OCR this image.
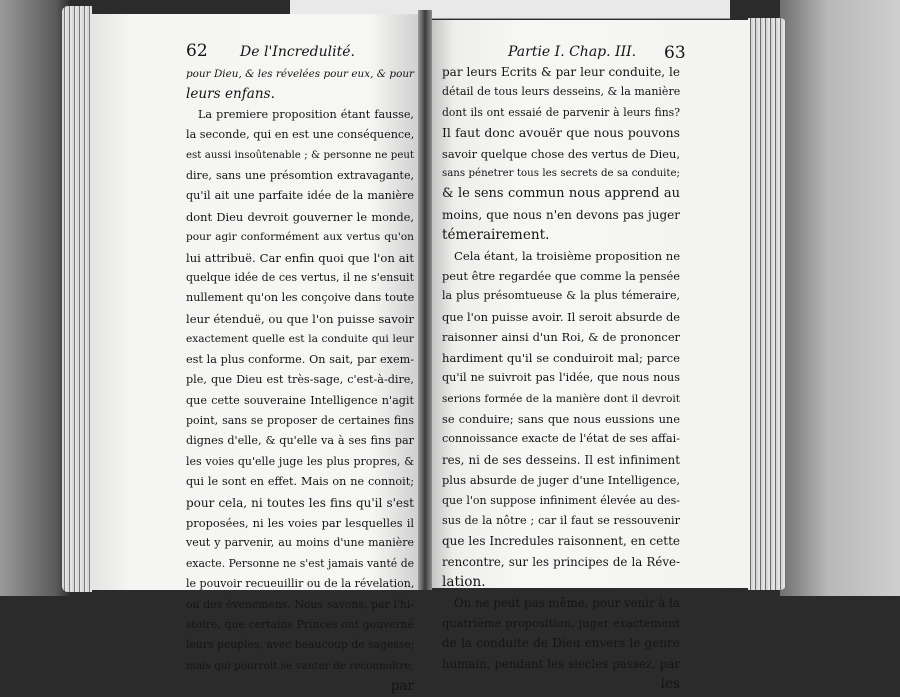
62 De l'Incredulité.
pour Dieu, & les révelées pour eux, & pour
leurs enfans.
La premiere proposition étant fausse,
la seconde, qui en est une conséquence,
est aussi insoûtenable ; & personne ne peut
dire, sans une présomtion extravagante,
qu'il ait une parfaite idée de la manière
dont Dieu devroit gouverner le monde,
pour agir conformément aux vertus qu'on
lui attribuë. Car enfin quoi que l'on ait
quelque idée de ces vertus, il ne s'ensuit
nullement qu'on les conçoive dans toute
leur étenduë, ou que l'on puisse savoir
exactement quelle est la conduite qui leur
est la plus conforme. On sait, par exem-
ple, que Dieu est très-sage, c'est-à-dire,
que cette souveraine Intelligence n'agit
point, sans se proposer de certaines fins
dignes d'elle, & qu'elle va à ses fins par
les voies qu'elle juge les plus propres, &
qui le sont en effet. Mais on ne connoit;
pour cela, ni toutes les fins qu'il s'est
proposées, ni les voies par lesquelles il
veut y parvenir, au moins d'une manière
exacte. Personne ne s'est jamais vanté de
le pouvoir recueuillir ou de la révelation,
ou des évenemens. Nous savons, par l'hi-
stoire, que certains Princes ont gouverné
leurs peuples, avec beaucoup de sagesse;
mais qui pourroit se vanter de reconnoître,
par
Partie I. Chap. III. 63
par leurs Ecrits & par leur conduite, le
détail de tous leurs desseins, & la manière
dont ils ont essaié de parvenir à leurs fins?
Il faut donc avouër que nous pouvons
savoir quelque chose des vertus de Dieu,
sans pénetrer tous les secrets de sa conduite;
& le sens commun nous apprend au
moins, que nous n'en devons pas juger
témerairement.
Cela étant, la troisième proposition ne
peut être regardée que comme la pensée
la plus présomtueuse & la plus témeraire,
que l'on puisse avoir. Il seroit absurde de
raisonner ainsi d'un Roi, & de prononcer
hardiment qu'il se conduiroit mal; parce
qu'il ne suivroit pas l'idée, que nous nous
serions formée de la manière dont il devroit
se conduire; sans que nous eussions une
connoissance exacte de l'état de ses affai-
res, ni de ses desseins. Il est infiniment
plus absurde de juger d'une Intelligence,
que l'on suppose infiniment élevée au des-
sus de la nôtre ; car il faut se ressouvenir
que les Incredules raisonnent, en cette
rencontre, sur les principes de la Réve-
lation.
On ne peut pas même, pour venir à la
quatrième proposition, juger exactement
de la conduite de Dieu envers le genre
humain, pendant les siecles passez, par
les
